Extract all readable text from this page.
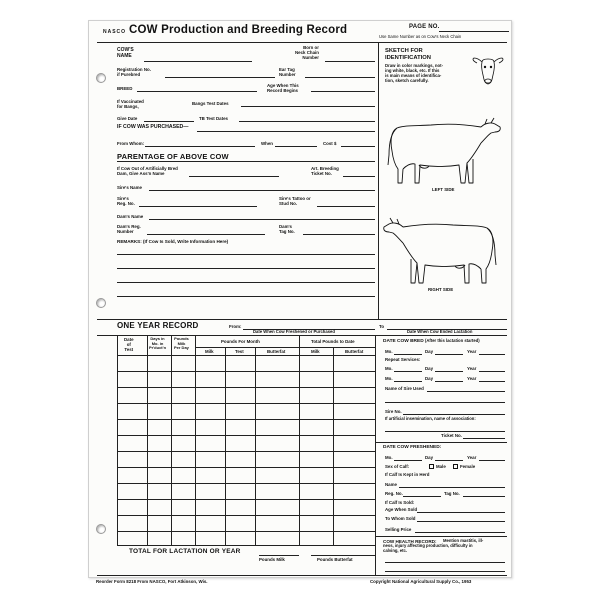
NASCO COW Production and Breeding Record	PAGE NO.
Use Same Number as on Cow's Neck Chain
COW'S
NAME
Born or
Neck Chain
Number
Registration No.
if Purebred
Ear Tag
Number
BREED
Age When This
Record Begins
If Vaccinated
for Bangs,
Bangs Test Dates
Give Date	TB Test Dates
IF COW WAS PURCHASED—
From Whom:	When	Cost $
PARENTAGE OF ABOVE COW
If Cow Out of Artificially Bred
Dam, Give Ass'n Name
Art. Breeding
Ticket No.
Sire's Name
Sire's
Reg. No.
Sire's Tattoo or
Stud No.
Dam's Name
Dam's Reg.
Number
Dam's
Tag No.
REMARKS: (If Cow Is Sold, Write Information Here)
SKETCH FOR
IDENTIFICATION
Draw in color markings, not-
ing white, black, etc. If this
is main means of identifica-
tion, sketch carefully.
LEFT SIDE
RIGHT SIDE
ONE YEAR RECORD	From:	To
Date When Cow Freshened or Purchased	Date When Cow Ended Lactation
Date
of
Test
Days in
Mo. in
Pr'duct'n
Pounds
Milk
Per Day
Pounds For Month	Total Pounds to Date
Milk	Test	Butterfat	Milk	Butterfat
TOTAL FOR LACTATION OR YEAR
Pounds Milk	Pounds Butterfat
DATE COW BRED (After this lactation started)
Mo.	Day	Year
Repeat Services:
Mo.	Day	Year
Mo.	Day	Year
Name of Sire Used
Sire No.
If artificial insemination, name of association:
Ticket No.
DATE COW FRESHENED:
Mo.	Day	Year
Sex of Calf:	Male	Female
If Calf Is Kept in Herd
Name
Reg. No.	Tag No.
If Calf Is Sold:
Age When Sold
To Whom Sold
Selling Price
COW HEALTH RECORD:	Mention mastitis, ill-
ness, injury affecting production, difficulty in
calving, etc.
Reorder Form 8218 From NASCO, Fort Atkinson, Wis.	Copyright National Agricultural Supply Co., 1953
